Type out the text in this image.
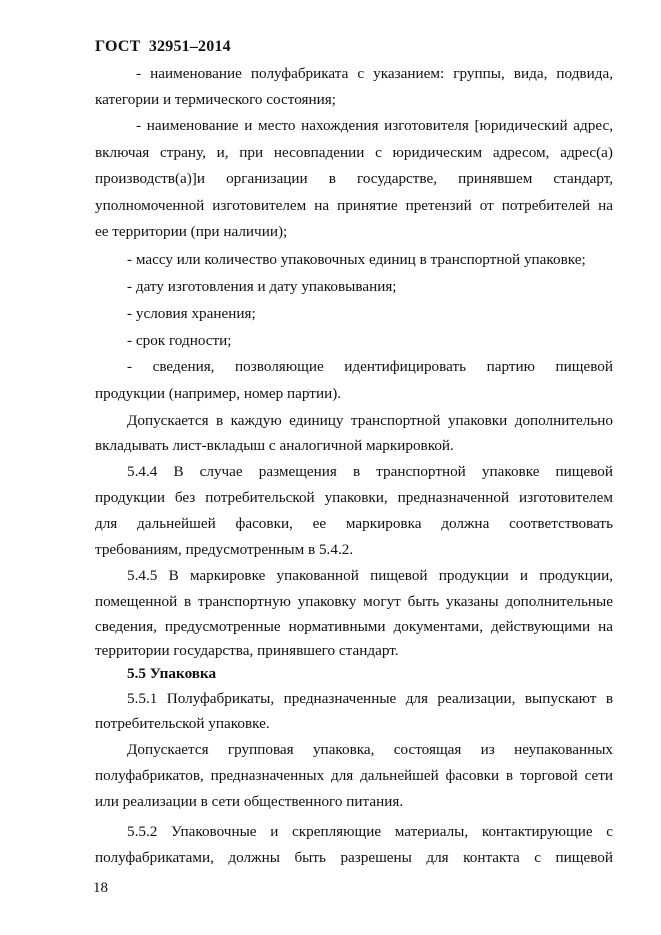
ГОСТ  32951–2014
- наименование полуфабриката с указанием: группы, вида, подвида,
категории и термического состояния;
- наименование и место нахождения изготовителя [юридический адрес,
включая страну, и, при несовпадении с юридическим адресом, адрес(а)
производств(а)]и организации в государстве, принявшем стандарт,
уполномоченной изготовителем на принятие претензий от потребителей на
ее территории (при наличии);
- массу или количество упаковочных единиц в транспортной упаковке;
- дату изготовления и дату упаковывания;
- условия хранения;
- срок годности;
- сведения, позволяющие идентифицировать партию пищевой
продукции (например, номер партии).
Допускается в каждую единицу транспортной упаковки дополнительно
вкладывать лист-вкладыш с аналогичной маркировкой.
5.4.4 В случае размещения в транспортной упаковке пищевой
продукции без потребительской упаковки, предназначенной изготовителем
для дальнейшей фасовки, ее маркировка должна соответствовать
требованиям, предусмотренным в 5.4.2.
5.4.5 В маркировке упакованной пищевой продукции и продукции,
помещенной в транспортную упаковку могут быть указаны дополнительные
сведения, предусмотренные нормативными документами, действующими на
территории государства, принявшего стандарт.
5.5 Упаковка
5.5.1 Полуфабрикаты, предназначенные для реализации, выпускают в
потребительской упаковке.
Допускается групповая упаковка, состоящая из неупакованных
полуфабрикатов, предназначенных для дальнейшей фасовки в торговой сети
или реализации в сети общественного питания.
5.5.2 Упаковочные и скрепляющие материалы, контактирующие с
полуфабрикатами, должны быть разрешены для контакта с пищевой
18
